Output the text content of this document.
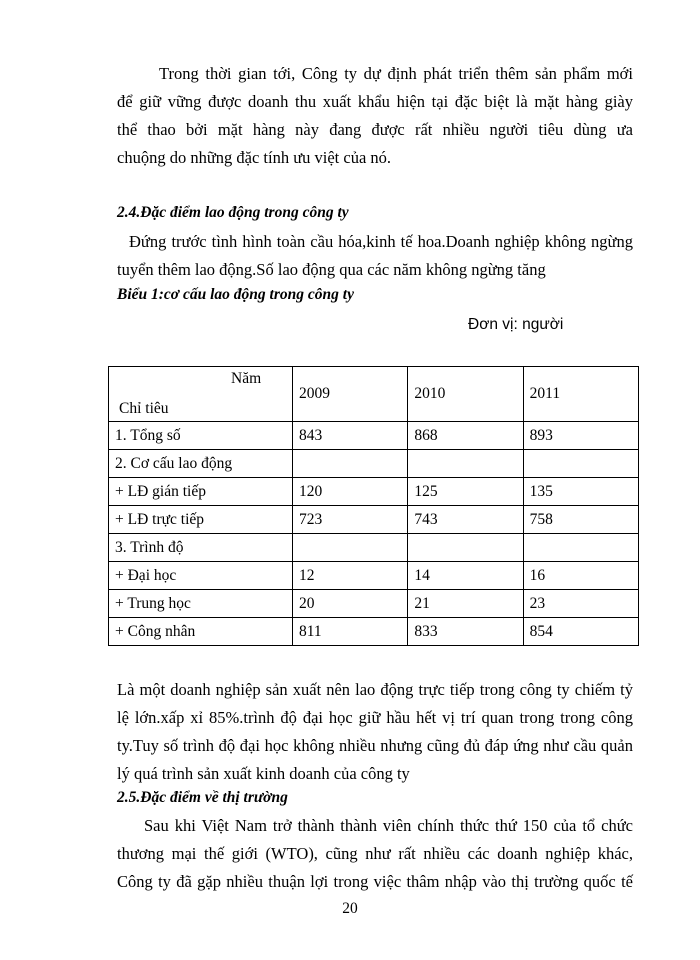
Trong thời gian tới, Công ty dự định phát triển thêm sản phẩm mới
để giữ vững được doanh thu xuất khẩu hiện tại đặc biệt là mặt hàng giày
thể thao bởi mặt hàng này đang được rất nhiều người tiêu dùng ưa
chuộng do những đặc tính ưu việt của nó.
2.4.Đặc điểm lao động trong công ty
Đứng trước tình hình toàn cầu hóa,kinh tế hoa.Doanh nghiệp không ngừng
tuyển thêm lao động.Số lao động qua các năm không ngừng tăng
Biểu 1:cơ cấu lao động trong công ty
Đơn vị: người
Năm
Chỉ tiêu	2009	2010	2011
1. Tổng số	843	868	893
2. Cơ cấu lao động			
+ LĐ gián tiếp	120	125	135
+ LĐ trực tiếp	723	743	758
3. Trình độ			
+ Đại học	12	14	16
+ Trung học	20	21	23
+ Công nhân	811	833	854
Là một doanh nghiệp sản xuất nên lao động trực tiếp trong công ty chiếm tỷ
lệ lớn.xấp xỉ 85%.trình độ đại học giữ hầu hết vị trí quan trong trong công
ty.Tuy số trình độ đại học không nhiều nhưng cũng đủ đáp ứng như cầu quản
lý quá trình sản xuất kinh doanh của công ty
2.5.Đặc điểm về thị trường
Sau khi Việt Nam trở thành thành viên chính thức thứ 150 của tổ chức
thương mại thế giới (WTO), cũng như rất nhiều các doanh nghiệp khác,
Công ty đã gặp nhiều thuận lợi trong việc thâm nhập vào thị trường quốc tế
20
